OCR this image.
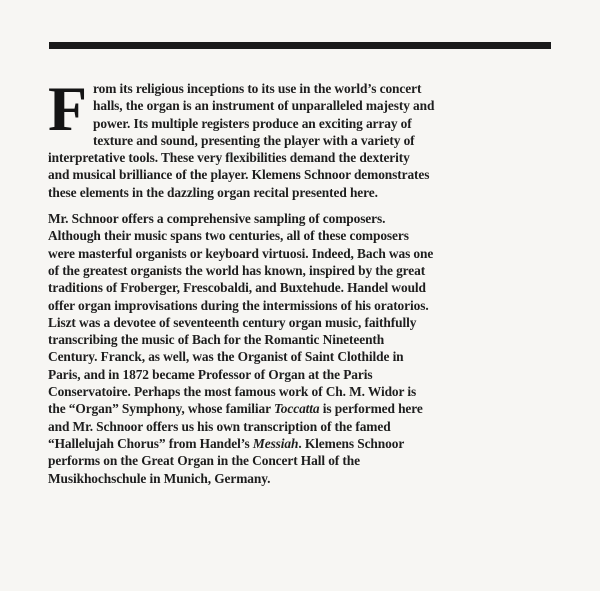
F rom its religious inceptions to its use in the world’s concert
halls, the organ is an instrument of unparalleled majesty and
power. Its multiple registers produce an exciting array of
texture and sound, presenting the player with a variety of
interpretative tools. These very flexibilities demand the dexterity
and musical brilliance of the player. Klemens Schnoor demonstrates
these elements in the dazzling organ recital presented here.

Mr. Schnoor offers a comprehensive sampling of composers.
Although their music spans two centuries, all of these composers
were masterful organists or keyboard virtuosi. Indeed, Bach was one
of the greatest organists the world has known, inspired by the great
traditions of Froberger, Frescobaldi, and Buxtehude. Handel would
offer organ improvisations during the intermissions of his oratorios.
Liszt was a devotee of seventeenth century organ music, faithfully
transcribing the music of Bach for the Romantic Nineteenth
Century. Franck, as well, was the Organist of Saint Clothilde in
Paris, and in 1872 became Professor of Organ at the Paris
Conservatoire. Perhaps the most famous work of Ch. M. Widor is
the “Organ” Symphony, whose familiar Toccatta is performed here
and Mr. Schnoor offers us his own transcription of the famed
“Hallelujah Chorus” from Handel’s Messiah. Klemens Schnoor
performs on the Great Organ in the Concert Hall of the
Musikhochschule in Munich, Germany.
